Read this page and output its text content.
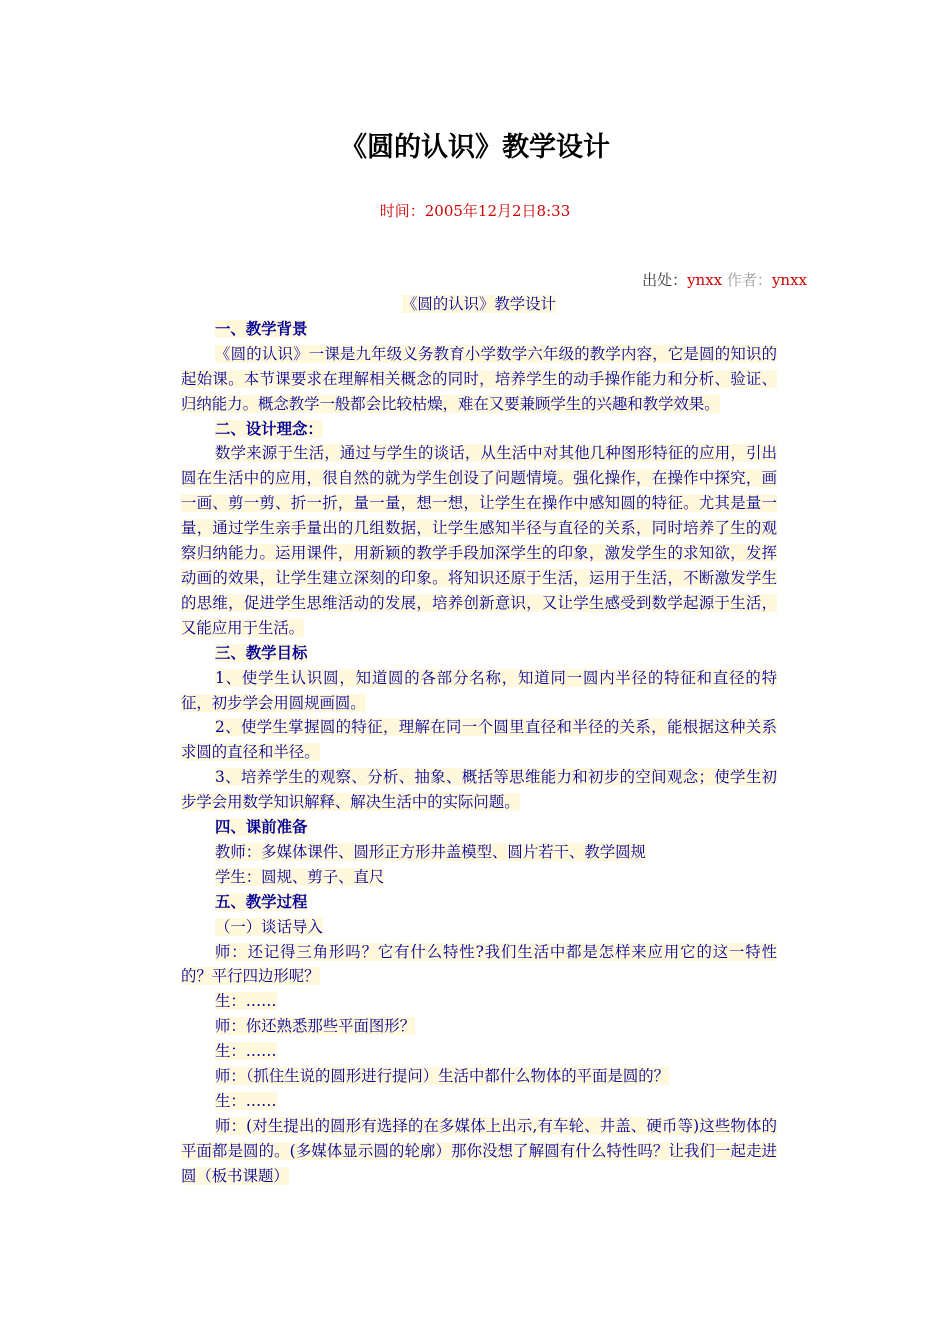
《圆的认识》教学设计
时间：2005年12月2日8:33
出处：ynxx 作者：ynxx

《圆的认识》教学设计

一、教学背景

《圆的认识》一课是九年级义务教育小学数学六年级的教学内容，它是圆的知识的起始课。本节课要求在理解相关概念的同时，培养学生的动手操作能力和分析、验证、归纳能力。概念教学一般都会比较枯燥，难在又要兼顾学生的兴趣和教学效果。

二、设计理念：

数学来源于生活，通过与学生的谈话，从生活中对其他几种图形特征的应用，引出圆在生活中的应用，很自然的就为学生创设了问题情境。强化操作，在操作中探究，画一画、剪一剪、折一折，量一量，想一想，让学生在操作中感知圆的特征。尤其是量一量，通过学生亲手量出的几组数据，让学生感知半径与直径的关系，同时培养了生的观察归纳能力。运用课件，用新颖的教学手段加深学生的印象，激发学生的求知欲，发挥动画的效果，让学生建立深刻的印象。将知识还原于生活，运用于生活，不断激发学生的思维，促进学生思维活动的发展，培养创新意识，又让学生感受到数学起源于生活，又能应用于生活。

三、教学目标

1、使学生认识圆，知道圆的各部分名称，知道同一圆内半径的特征和直径的特征，初步学会用圆规画圆。

2、使学生掌握圆的特征，理解在同一个圆里直径和半径的关系，能根据这种关系求圆的直径和半径。

3、培养学生的观察、分析、抽象、概括等思维能力和初步的空间观念；使学生初步学会用数学知识解释、解决生活中的实际问题。

四、课前准备

教师：多媒体课件、圆形正方形井盖模型、圆片若干、教学圆规

学生：圆规、剪子、直尺

五、教学过程

（一）谈话导入

师：还记得三角形吗？它有什么特性?我们生活中都是怎样来应用它的这一特性的？平行四边形呢？

生：……

师：你还熟悉那些平面图形？

生：……

师：（抓住生说的圆形进行提问）生活中都什么物体的平面是圆的？

生：……

师：(对生提出的圆形有选择的在多媒体上出示,有车轮、井盖、硬币等)这些物体的平面都是圆的。(多媒体显示圆的轮廓）那你没想了解圆有什么特性吗？让我们一起走进圆（板书课题）
